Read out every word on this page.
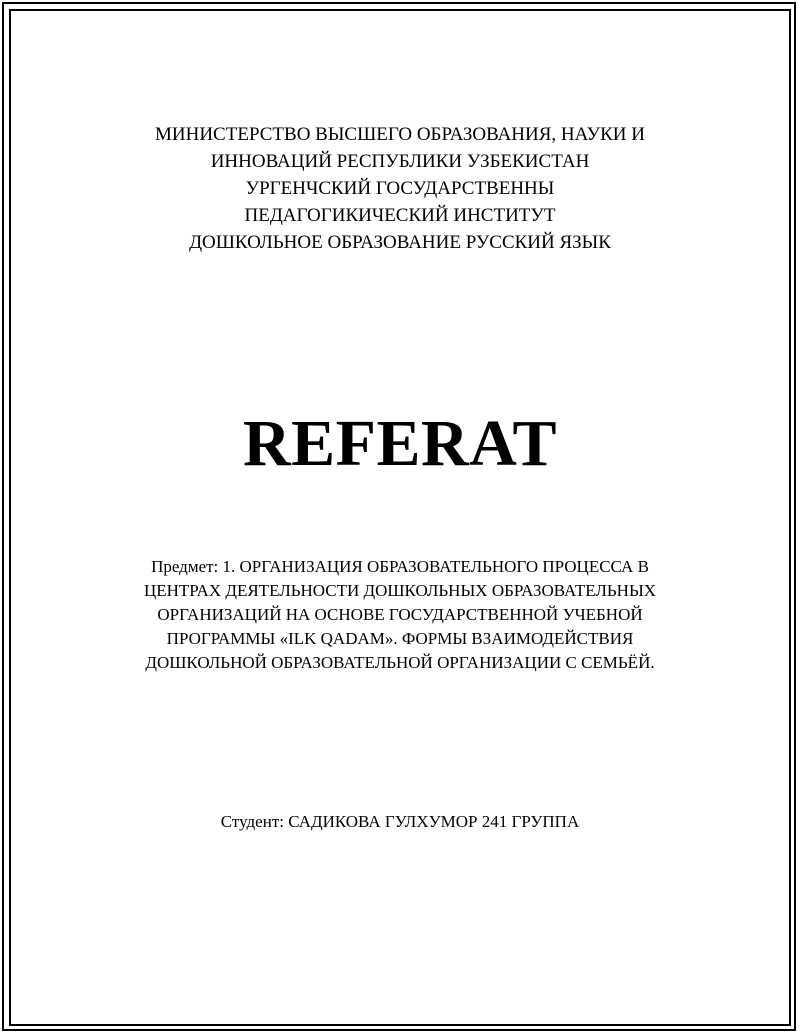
МИНИСТЕРСТВО ВЫСШЕГО ОБРАЗОВАНИЯ, НАУКИ И
ИННОВАЦИЙ РЕСПУБЛИКИ УЗБЕКИСТАН
УРГЕНЧСКИЙ ГОСУДАРСТВЕННЫ
ПЕДАГОГИКИЧЕСКИЙ ИНСТИТУТ
ДОШКОЛЬНОЕ ОБРАЗОВАНИЕ РУССКИЙ ЯЗЫК
REFERAT
Предмет: 1. ОРГАНИЗАЦИЯ ОБРАЗОВАТЕЛЬНОГО ПРОЦЕССА В
ЦЕНТРАХ ДЕЯТЕЛЬНОСТИ ДОШКОЛЬНЫХ ОБРАЗОВАТЕЛЬНЫХ
ОРГАНИЗАЦИЙ НА ОСНОВЕ ГОСУДАРСТВЕННОЙ УЧЕБНОЙ
ПРОГРАММЫ «ILK QADAM». ФОРМЫ ВЗАИМОДЕЙСТВИЯ
ДОШКОЛЬНОЙ ОБРАЗОВАТЕЛЬНОЙ ОРГАНИЗАЦИИ С СЕМЬЁЙ.
Студент: САДИКОВА ГУЛХУМОР 241 ГРУППА
